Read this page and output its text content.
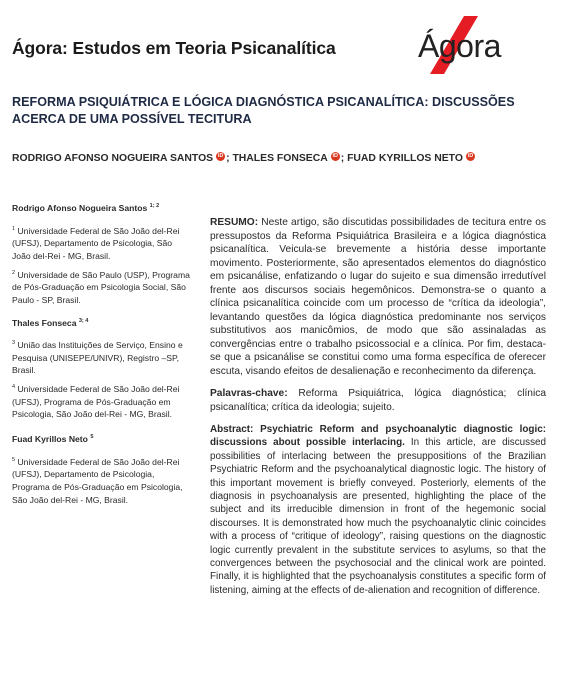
Ágora: Estudos em Teoria Psicanalítica	Ágora
REFORMA PSIQUIÁTRICA E LÓGICA DIAGNÓSTICA PSICANALÍTICA: DISCUSSÕES ACERCA DE UMA POSSÍVEL TECITURA
RODRIGO AFONSO NOGUEIRA SANTOS iD ; THALES FONSECA iD ; FUAD KYRILLOS NETOiD
Rodrigo Afonso Nogueira Santos $^{1; 2}$
$^1$ Universidade Federal de São João del-Rei (UFSJ), Departamento de Psicologia, São João del-Rei - MG, Brasil.
$^2$ Universidade de São Paulo (USP), Programa de Pós-Graduação em Psicologia Social, São Paulo - SP, Brasil.
Thales Fonseca $^{3; 4}$
$^3$ União das Instituições de Serviço, Ensino e Pesquisa (UNISEPE/UNIVR), Registro –SP, Brasil.
$^4$ Universidade Federal de São João del-Rei (UFSJ), Programa de Pós-Graduação em Psicologia, São João del-Rei - MG, Brasil.
Fuad Kyrillos Neto $^5$
$^5$ Universidade Federal de São João del-Rei (UFSJ), Departamento de Psicologia, Programa de Pós-Graduação em Psicologia, São João del-Rei - MG, Brasil.
RESUMO: Neste artigo, são discutidas possibilidades de tecitura entre os pressupostos da Reforma Psiquiátrica Brasileira e a lógica diagnóstica psicanalítica. Veicula-se brevemente a história desse importante movimento. Posteriormente, são apresentados elementos do diagnóstico em psicanálise, enfatizando o lugar do sujeito e sua dimensão irredutível frente aos discursos sociais hegemônicos. Demonstra-se o quanto a clínica psicanalítica coincide com um processo de “crítica da ideologia”, levantando questões da lógica diagnóstica predominante nos serviços substitutivos aos manicômios, de modo que são assinaladas as convergências entre o trabalho psicossocial e a clínica. Por fim, destaca-se que a psicanálise se constitui como uma forma específica de oferecer escuta, visando efeitos de desalienação e reconhecimento da diferença.
Palavras-chave: Reforma Psiquiátrica, lógica diagnóstica; clínica psicanalítica; crítica da ideologia; sujeito.
Abstract: Psychiatric Reform and psychoanalytic diagnostic logic: discussions about possible interlacing. In this article, are discussed possibilities of interlacing between the presuppositions of the Brazilian Psychiatric Reform and the psychoanalytical diagnostic logic. The history of this important movement is briefly conveyed. Posteriorly, elements of the diagnosis in psychoanalysis are presented, highlighting the place of the subject and its irreducible dimension in front of the hegemonic social discourses. It is demonstrated how much the psychoanalytic clinic coincides with a process of “critique of ideology”, raising questions on the diagnostic logic currently prevalent in the substitute services to asylums, so that the convergences between the psychosocial and the clinical work are pointed. Finally, it is highlighted that the psychoanalysis constitutes a specific form of listening, aiming at the effects of de-alienation and recognition of difference.
